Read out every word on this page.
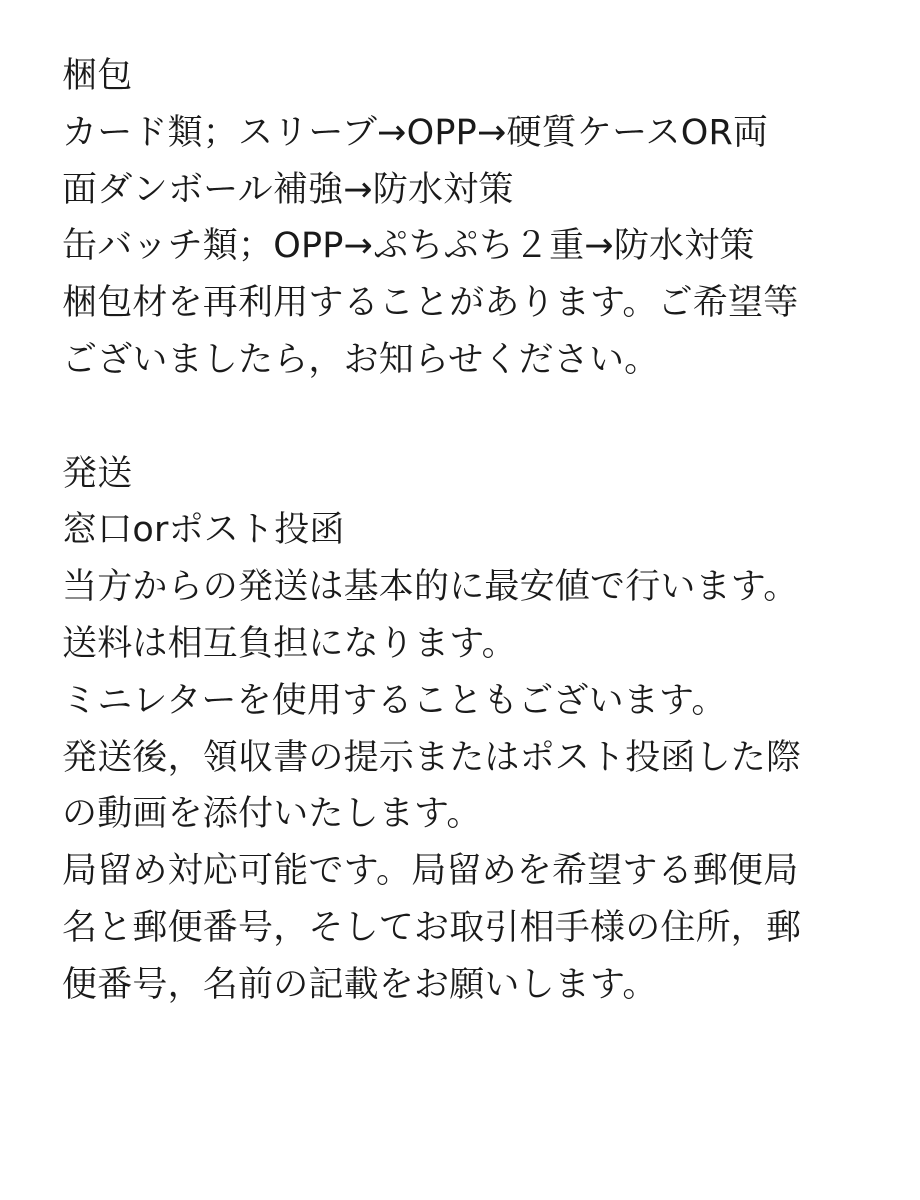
梱包
カード類；スリーブ→OPP→硬質ケースOR両
面ダンボール補強→防水対策
缶バッチ類；OPP→ぷちぷち２重→防水対策
梱包材を再利用することがあります。ご希望等
ございましたら，お知らせください。
発送
窓口orポスト投函
当方からの発送は基本的に最安値で行います。
送料は相互負担になります。
ミニレターを使用することもございます。
発送後，領収書の提示またはポスト投函した際
の動画を添付いたします。
局留め対応可能です。局留めを希望する郵便局
名と郵便番号，そしてお取引相手様の住所，郵
便番号，名前の記載をお願いします。
